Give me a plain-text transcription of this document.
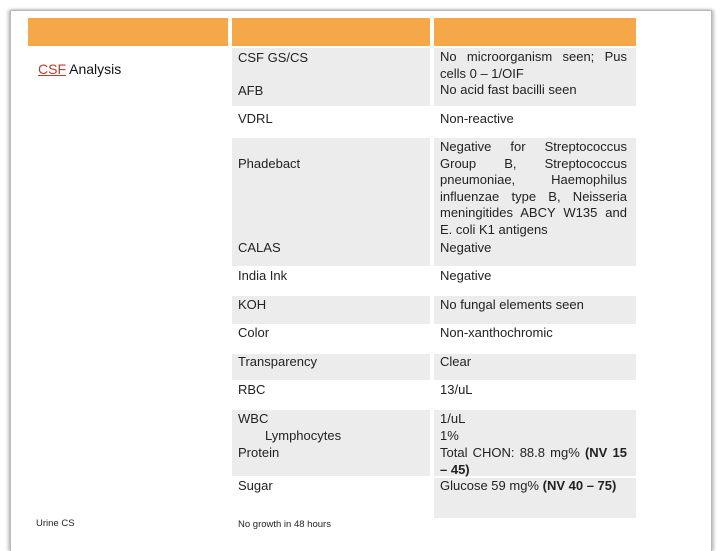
CSF Analysis
CSF GS/CS
AFB
VDRL
Phadebact
CALAS
India Ink
KOH
Color
Transparency
RBC
WBC
Lymphocytes
Protein
Sugar
No microorganism seen; Pus cells 0 – 1/OIF
No acid fast bacilli seen
Non-reactive
Negative for Streptococcus Group B, Streptococcus pneumoniae, Haemophilus influenzae type B, Neisseria meningitides ABCY W135 and E. coli K1 antigens
Negative
Negative
No fungal elements seen
Non-xanthochromic
Clear
13/uL
1/uL
1%
Total CHON: 88.8 mg% (NV 15 – 45)
Glucose 59 mg% (NV 40 – 75)
Urine CS	No growth in 48 hours
